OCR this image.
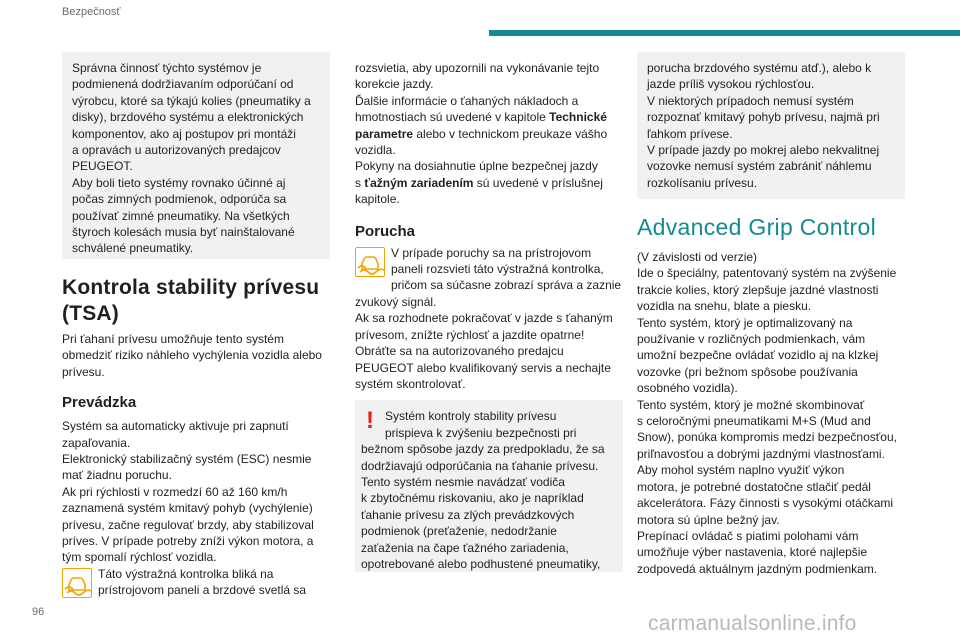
Bezpečnosť

Správna činnosť týchto systémov je

podmienená dodržiavaním odporúčaní od

výrobcu, ktoré sa týkajú kolies (pneumatiky a

disky), brzdového systému a elektronických

komponentov, ako aj postupov pri montáži

a opravách u autorizovaných predajcov

PEUGEOT.

Aby boli tieto systémy rovnako účinné aj

počas zimných podmienok, odporúča sa

používať zimné pneumatiky. Na všetkých

štyroch kolesách musia byť nainštalované

schválené pneumatiky.

Kontrola stability prívesu
(TSA)

Pri ťahaní prívesu umožňuje tento systém

obmedziť riziko náhleho vychýlenia vozidla alebo

prívesu.

Prevádzka

Systém sa automaticky aktivuje pri zapnutí

zapaľovania.

Elektronický stabilizačný systém (ESC) nesmie

mať žiadnu poruchu.

Ak pri rýchlosti v rozmedzí 60 až 160 km/h

zaznamená systém kmitavý pohyb (vychýlenie)

prívesu, začne regulovať brzdy, aby stabilizoval

príves. V prípade potreby zníži výkon motora, a

tým spomalí rýchlosť vozidla.

Táto výstražná kontrolka bliká na

prístrojovom paneli a brzdové svetlá sa

rozsvietia, aby upozornili na vykonávanie tejto

korekcie jazdy.

Ďalšie informácie o ťahaných nákladoch a

hmotnostiach sú uvedené v kapitole Technické

parametre alebo v technickom preukaze vášho

vozidla.

Pokyny na dosiahnutie úplne bezpečnej jazdy

s ťažným zariadením sú uvedené v príslušnej

kapitole.

Porucha

V prípade poruchy sa na prístrojovom

paneli rozsvieti táto výstražná kontrolka,

pričom sa súčasne zobrazí správa a zaznie

zvukový signál.

Ak sa rozhodnete pokračovať v jazde s ťahaným

prívesom, znížte rýchlosť a jazdite opatrne!

Obráťte sa na autorizovaného predajcu

PEUGEOT alebo kvalifikovaný servis a nechajte

systém skontrolovať.

! Systém kontroly stability prívesu

prispieva k zvýšeniu bezpečnosti pri

bežnom spôsobe jazdy za predpokladu, že sa

dodržiavajú odporúčania na ťahanie prívesu.

Tento systém nesmie navádzať vodiča

k zbytočnému riskovaniu, ako je napríklad

ťahanie prívesu za zlých prevádzkových

podmienok (preťaženie, nedodržanie

zaťaženia na čape ťažného zariadenia,

opotrebované alebo podhustené pneumatiky,

porucha brzdového systému atď.), alebo k

jazde príliš vysokou rýchlosťou.

V niektorých prípadoch nemusí systém

rozpoznať kmitavý pohyb prívesu, najmä pri

ľahkom prívese.

V prípade jazdy po mokrej alebo nekvalitnej

vozovke nemusí systém zabrániť náhlemu

rozkolísaniu prívesu.

Advanced Grip Control

(V závislosti od verzie)

Ide o špeciálny, patentovaný systém na zvýšenie

trakcie kolies, ktorý zlepšuje jazdné vlastnosti

vozidla na snehu, blate a piesku.

Tento systém, ktorý je optimalizovaný na

používanie v rozličných podmienkach, vám

umožní bezpečne ovládať vozidlo aj na klzkej

vozovke (pri bežnom spôsobe používania

osobného vozidla).

Tento systém, ktorý je možné skombinovať

s celoročnými pneumatikami M+S (Mud and

Snow), ponúka kompromis medzi bezpečnosťou,

priľnavosťou a dobrými jazdnými vlastnosťami.

Aby mohol systém naplno využiť výkon

motora, je potrebné dostatočne stlačiť pedál

akcelerátora. Fázy činnosti s vysokými otáčkami

motora sú úplne bežný jav.

Prepínací ovládač s piatimi polohami vám

umožňuje výber nastavenia, ktoré najlepšie

zodpovedá aktuálnym jazdným podmienkam.

96	carmanualsonline.info
